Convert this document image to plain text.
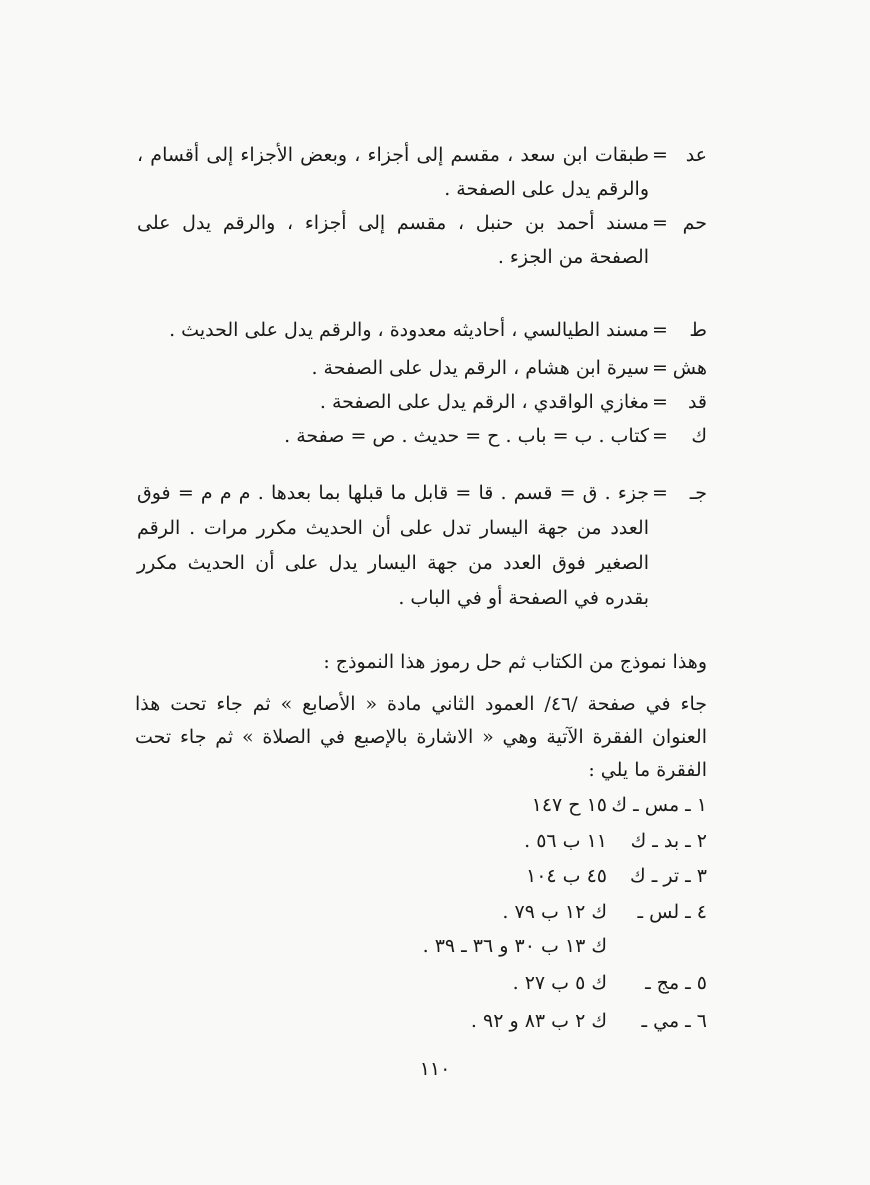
عد
=
طبقات ابن سعد ، مقسم إلى أجزاء ، وبعض الأجزاء إلى أقسام ، والرقم يدل على الصفحة .
حم
=
مسند أحمد بن حنبل ، مقسم إلى أجزاء ، والرقم يدل على الصفحة من الجزء .
ط
=
مسند الطيالسي ، أحاديثه معدودة ، والرقم يدل على الحديث .
هش
=
سيرة ابن هشام ، الرقم يدل على الصفحة .
قد
=
مغازي الواقدي ، الرقم يدل على الصفحة .
ك
=
كتاب . ب = باب . ح = حديث . ص = صفحة .
جـ
=
جزء . ق = قسم . قا = قابل ما قبلها بما بعدها . م م م = فوق العدد من جهة اليسار تدل على أن الحديث مكرر مرات . الرقم الصغير فوق العدد من جهة اليسار يدل على أن الحديث مكرر بقدره في الصفحة أو في الباب .
وهذا نموذج من الكتاب ثم حل رموز هذا النموذج :
جاء في صفحة /٤٦/ العمود الثاني مادة « الأصابع » ثم جاء تحت هذا العنوان الفقرة الآتية وهي « الاشارة بالإصبع في الصلاة » ثم جاء تحت الفقرة ما يلي :
١ ـ مس ـ ك
١٥ ح ١٤٧
٢ ـ بد ـ ك
١١ ب ٥٦ .
٣ ـ تر ـ ك
٤٥ ب ١٠٤
٤ ـ لس ـ
ك ١٢ ب ٧٩ .
ك ١٣ ب ٣٠ و ٣٦ ـ ٣٩ .
٥ ـ مج ـ
ك ٥ ب ٢٧ .
٦ ـ مي ـ
ك ٢ ب ٨٣ و ٩٢ .
١١٠
